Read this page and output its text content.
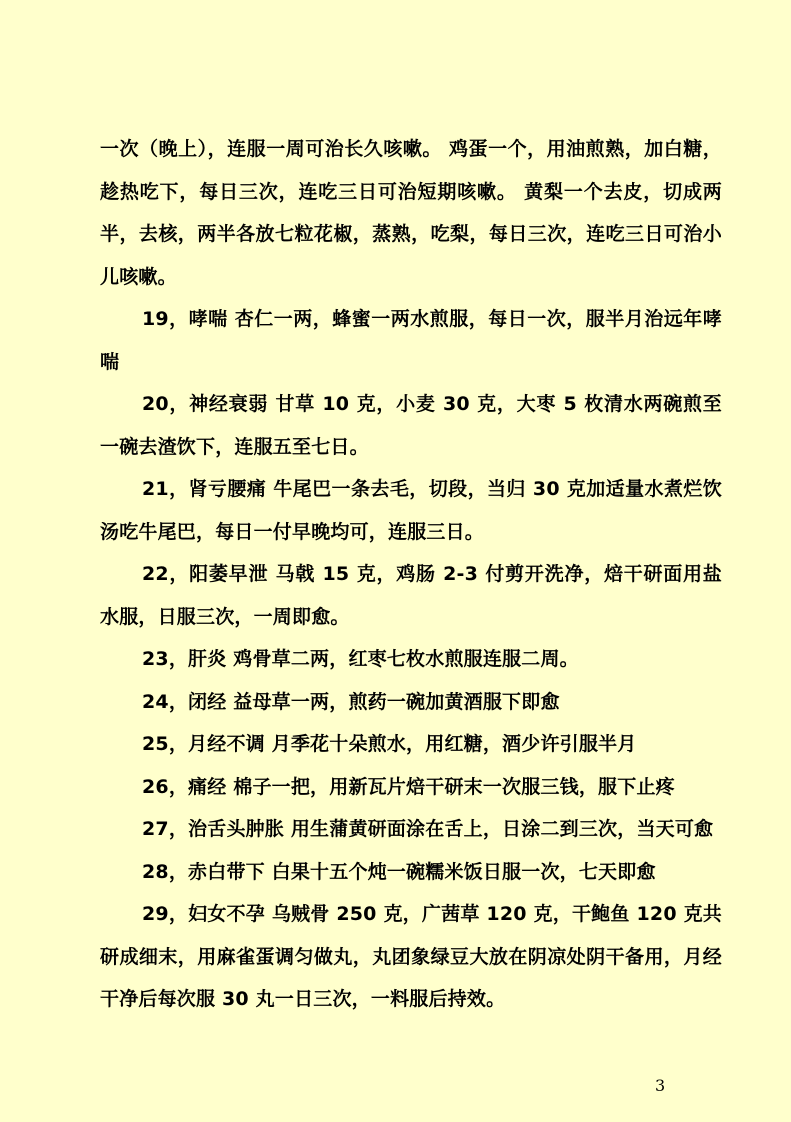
一次（晚上），连服一周可治长久咳嗽。 鸡蛋一个，用油煎熟，加白糖，趁热吃下，每日三次，连吃三日可治短期咳嗽。 黄梨一个去皮，切成两半，去核，两半各放七粒花椒，蒸熟，吃梨，每日三次，连吃三日可治小儿咳嗽。

19，哮喘 杏仁一两，蜂蜜一两水煎服，每日一次，服半月治远年哮喘

20，神经衰弱 甘草 10 克，小麦 30 克，大枣 5 枚清水两碗煎至一碗去渣饮下，连服五至七日。

21，肾亏腰痛 牛尾巴一条去毛，切段，当归 30 克加适量水煮烂饮汤吃牛尾巴，每日一付早晚均可，连服三日。

22，阳萎早泄 马戟 15 克，鸡肠 2-3 付剪开洗净，焙干研面用盐水服，日服三次，一周即愈。

23，肝炎 鸡骨草二两，红枣七枚水煎服连服二周。

24，闭经 益母草一两，煎药一碗加黄酒服下即愈

25，月经不调 月季花十朵煎水，用红糖，酒少许引服半月

26，痛经 棉子一把，用新瓦片焙干研末一次服三钱，服下止疼

27，治舌头肿胀 用生蒲黄研面涂在舌上，日涂二到三次，当天可愈

28，赤白带下 白果十五个炖一碗糯米饭日服一次，七天即愈

29，妇女不孕 乌贼骨 250 克，广茜草 120 克，干鲍鱼 120 克共研成细末，用麻雀蛋调匀做丸，丸团象绿豆大放在阴凉处阴干备用，月经干净后每次服 30 丸一日三次，一料服后持效。

3
